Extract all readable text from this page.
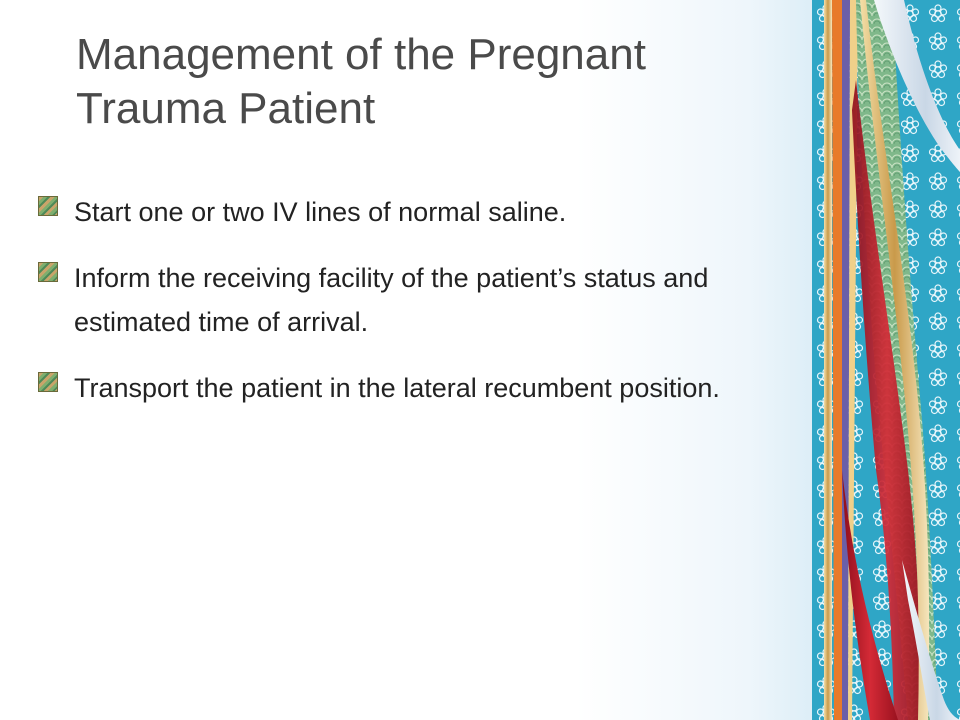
Management of the Pregnant Trauma Patient
Start one or two IV lines of normal saline.
Inform the receiving facility of the patient’s status and estimated time of arrival.
Transport the patient in the lateral recumbent position.
